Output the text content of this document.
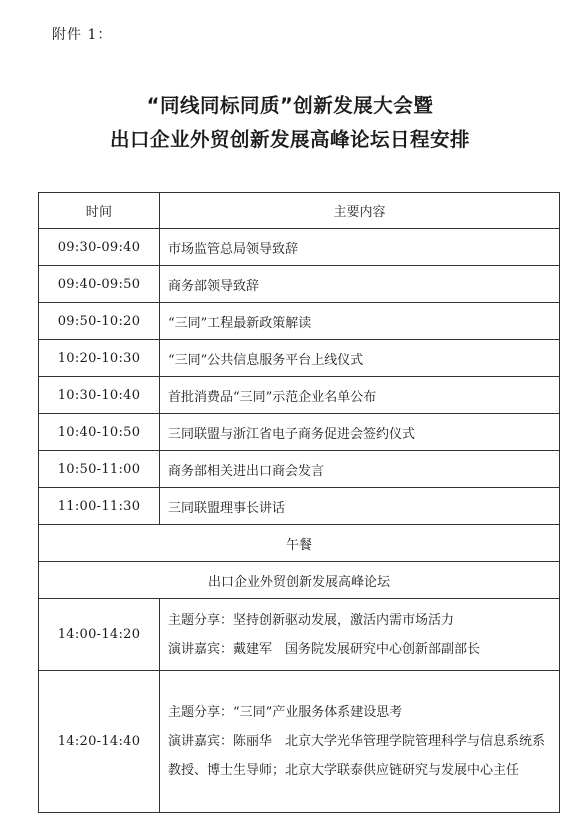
附件 1：
“同线同标同质”创新发展大会暨
出口企业外贸创新发展高峰论坛日程安排
时间	主要内容
09:30-09:40	市场监管总局领导致辞
09:40-09:50	商务部领导致辞
09:50-10:20	“三同”工程最新政策解读
10:20-10:30	“三同”公共信息服务平台上线仪式
10:30-10:40	首批消费品“三同”示范企业名单公布
10:40-10:50	三同联盟与浙江省电子商务促进会签约仪式
10:50-11:00	商务部相关进出口商会发言
11:00-11:30	三同联盟理事长讲话
午餐	
出口企业外贸创新发展高峰论坛	
14:00-14:20	主题分享：坚持创新驱动发展，激活内需市场活力
演讲嘉宾：戴建军　国务院发展研究中心创新部副部长

14:20-14:40	主题分享：“三同”产业服务体系建设思考
演讲嘉宾：陈丽华　北京大学光华管理学院管理科学与信息系统系教授、博士生导师；北京大学联泰供应链研究与发展中心主任
